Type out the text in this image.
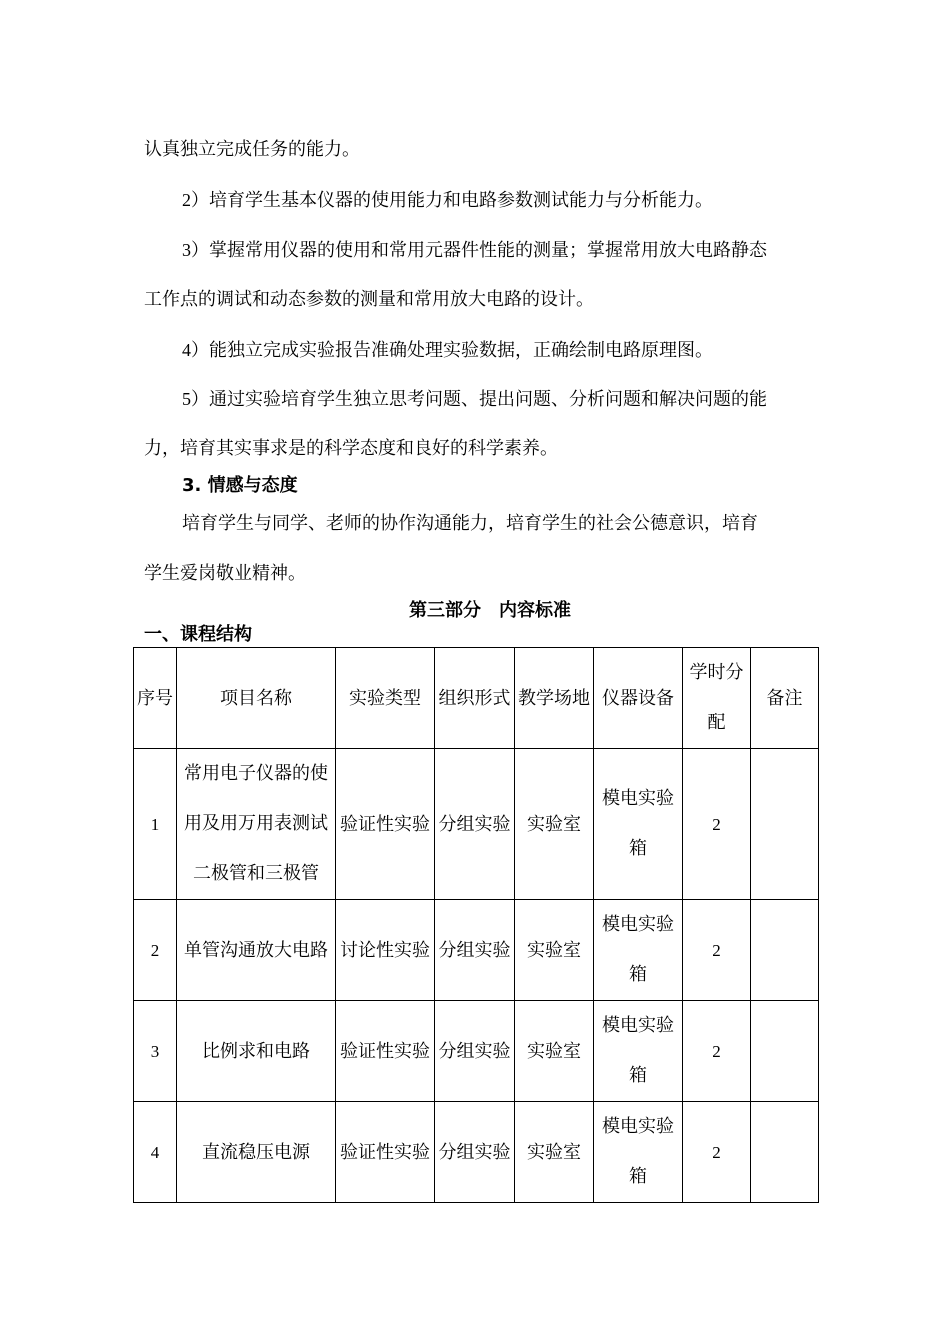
认真独立完成任务的能力。
2）培育学生基本仪器的使用能力和电路参数测试能力与分析能力。
3）掌握常用仪器的使用和常用元器件性能的测量；掌握常用放大电路静态
工作点的调试和动态参数的测量和常用放大电路的设计。
4）能独立完成实验报告准确处理实验数据，正确绘制电路原理图。
5）通过实验培育学生独立思考问题、提出问题、分析问题和解决问题的能
力，培育其实事求是的科学态度和良好的科学素养。
3. 情感与态度
培育学生与同学、老师的协作沟通能力，培育学生的社会公德意识，培育
学生爱岗敬业精神。
第三部分　内容标准
一、课程结构
序号	项目名称	实验类型	组织形式	教学场地	仪器设备	学时分配	备注
1	常用电子仪器的使用及用万用表测试二极管和三极管	验证性实验	分组实验	实验室	模电实验箱	2	
2	单管沟通放大电路	讨论性实验	分组实验	实验室	模电实验箱	2	
3	比例求和电路	验证性实验	分组实验	实验室	模电实验箱	2	
4	直流稳压电源	验证性实验	分组实验	实验室	模电实验箱	2	
